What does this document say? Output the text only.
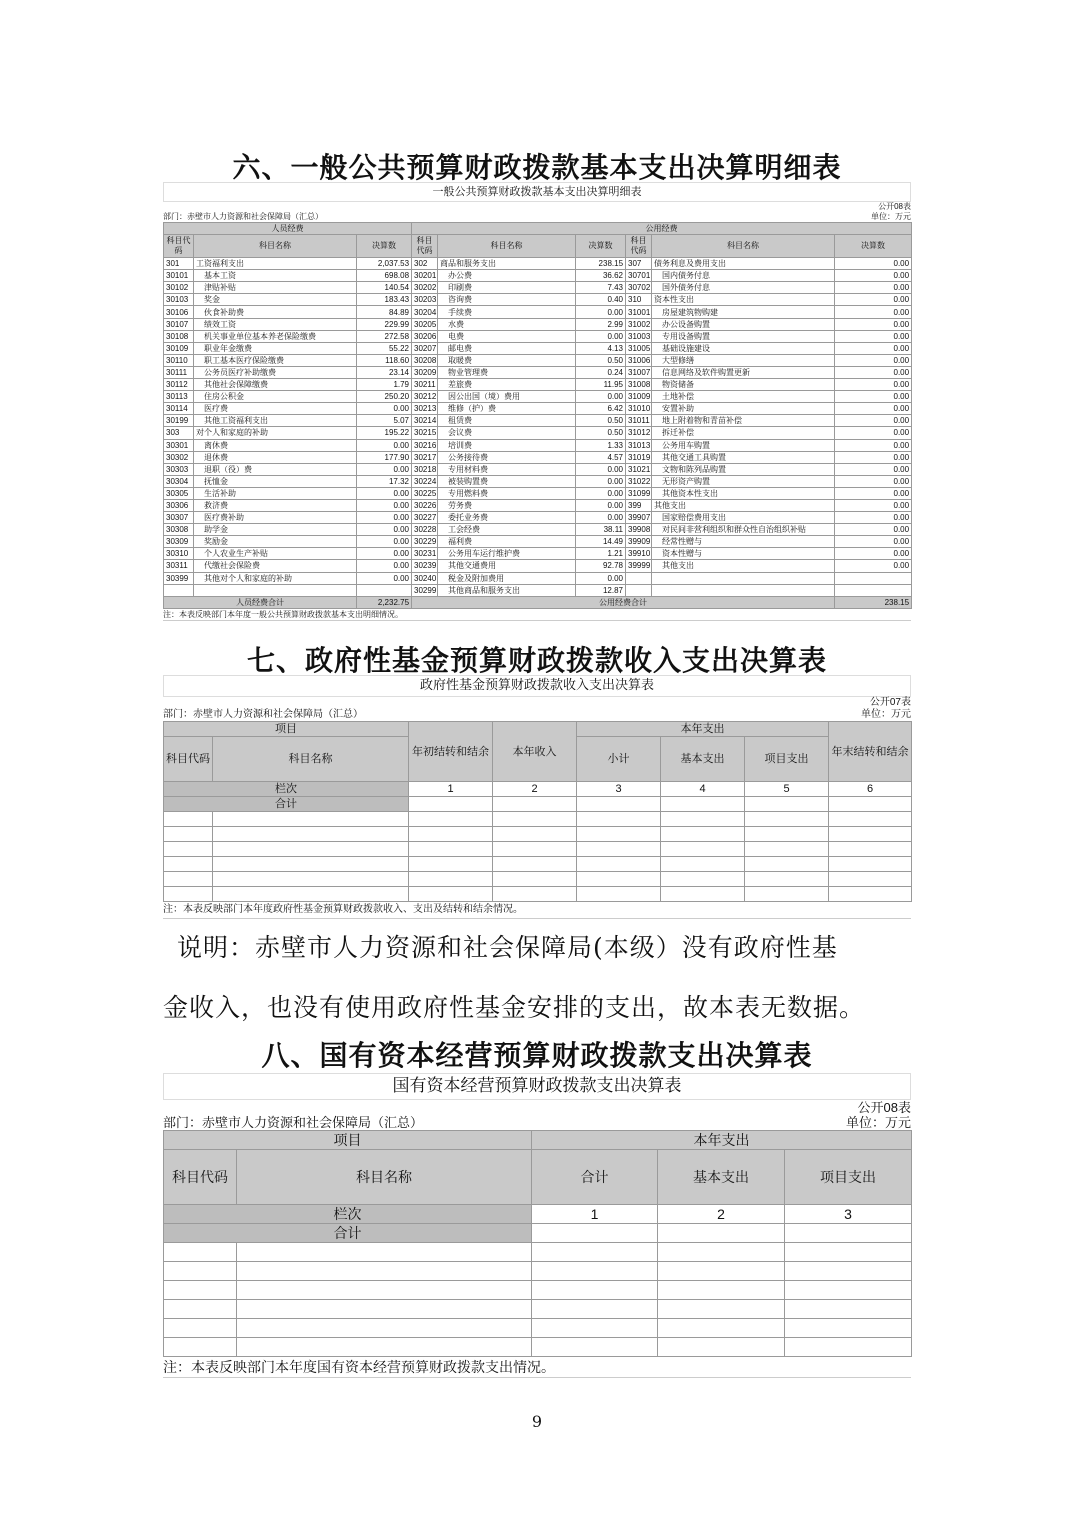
六、一般公共预算财政拨款基本支出决算明细表
一般公共预算财政拨款基本支出决算明细表
公开08表
部门：赤壁市人力资源和社会保障局（汇总）	单位：万元
人员经费			公用经费					
科目代码	科目名称	决算数	科目代码	科目名称	决算数	科目代码	科目名称	决算数
301	工资福利支出	2,037.53	302	商品和服务支出	238.15	307	债务利息及费用支出	0.00
30101	基本工资	698.08	30201	办公费	36.62	30701	国内债务付息	0.00
30102	津贴补贴	140.54	30202	印刷费	7.43	30702	国外债务付息	0.00
30103	奖金	183.43	30203	咨询费	0.40	310	资本性支出	0.00
30106	伙食补助费	84.89	30204	手续费	0.00	31001	房屋建筑物购建	0.00
30107	绩效工资	229.99	30205	水费	2.99	31002	办公设备购置	0.00
30108	机关事业单位基本养老保险缴费	272.58	30206	电费	0.00	31003	专用设备购置	0.00
30109	职业年金缴费	55.22	30207	邮电费	4.13	31005	基础设施建设	0.00
30110	职工基本医疗保险缴费	118.60	30208	取暖费	0.50	31006	大型修缮	0.00
30111	公务员医疗补助缴费	23.14	30209	物业管理费	0.24	31007	信息网络及软件购置更新	0.00
30112	其他社会保障缴费	1.79	30211	差旅费	11.95	31008	物资储备	0.00
30113	住房公积金	250.20	30212	因公出国（境）费用	0.00	31009	土地补偿	0.00
30114	医疗费	0.00	30213	维修（护）费	6.42	31010	安置补助	0.00
30199	其他工资福利支出	5.07	30214	租赁费	0.50	31011	地上附着物和青苗补偿	0.00
303	对个人和家庭的补助	195.22	30215	会议费	0.50	31012	拆迁补偿	0.00
30301	离休费	0.00	30216	培训费	1.33	31013	公务用车购置	0.00
30302	退休费	177.90	30217	公务接待费	4.57	31019	其他交通工具购置	0.00
30303	退职（役）费	0.00	30218	专用材料费	0.00	31021	文物和陈列品购置	0.00
30304	抚恤金	17.32	30224	被装购置费	0.00	31022	无形资产购置	0.00
30305	生活补助	0.00	30225	专用燃料费	0.00	31099	其他资本性支出	0.00
30306	救济费	0.00	30226	劳务费	0.00	399	其他支出	0.00
30307	医疗费补助	0.00	30227	委托业务费	0.00	39907	国家赔偿费用支出	0.00
30308	助学金	0.00	30228	工会经费	38.11	39908	对民间非营利组织和群众性自治组织补贴	0.00
30309	奖励金	0.00	30229	福利费	14.49	39909	经常性赠与	0.00
30310	个人农业生产补贴	0.00	30231	公务用车运行维护费	1.21	39910	资本性赠与	0.00
30311	代缴社会保险费	0.00	30239	其他交通费用	92.78	39999	其他支出	0.00
30399	其他对个人和家庭的补助	0.00	30240	税金及附加费用	0.00			
			30299	其他商品和服务支出	12.87			
人员经费合计		2,232.75	公用经费合计					238.15
注：本表反映部门本年度一般公共预算财政拨款基本支出明细情况。
七、政府性基金预算财政拨款收入支出决算表
政府性基金预算财政拨款收入支出决算表
公开07表
部门：赤壁市人力资源和社会保障局（汇总）	单位：万元
项目		年初结转和结余	本年收入	本年支出			年末结转和结余
科目代码	科目名称			小计	基本支出	项目支出	
栏次		1	2	3	4	5	6
合计							

注：本表反映部门本年度政府性基金预算财政拨款收入、支出及结转和结余情况。
说明：赤壁市人力资源和社会保障局(本级）没有政府性基
金收入，也没有使用政府性基金安排的支出，故本表无数据。
八、国有资本经营预算财政拨款支出决算表
国有资本经营预算财政拨款支出决算表
公开08表
部门：赤壁市人力资源和社会保障局（汇总）	单位：万元
项目		本年支出		
科目代码	科目名称	合计	基本支出	项目支出
栏次		1	2	3
合计				

注：本表反映部门本年度国有资本经营预算财政拨款支出情况。
9
